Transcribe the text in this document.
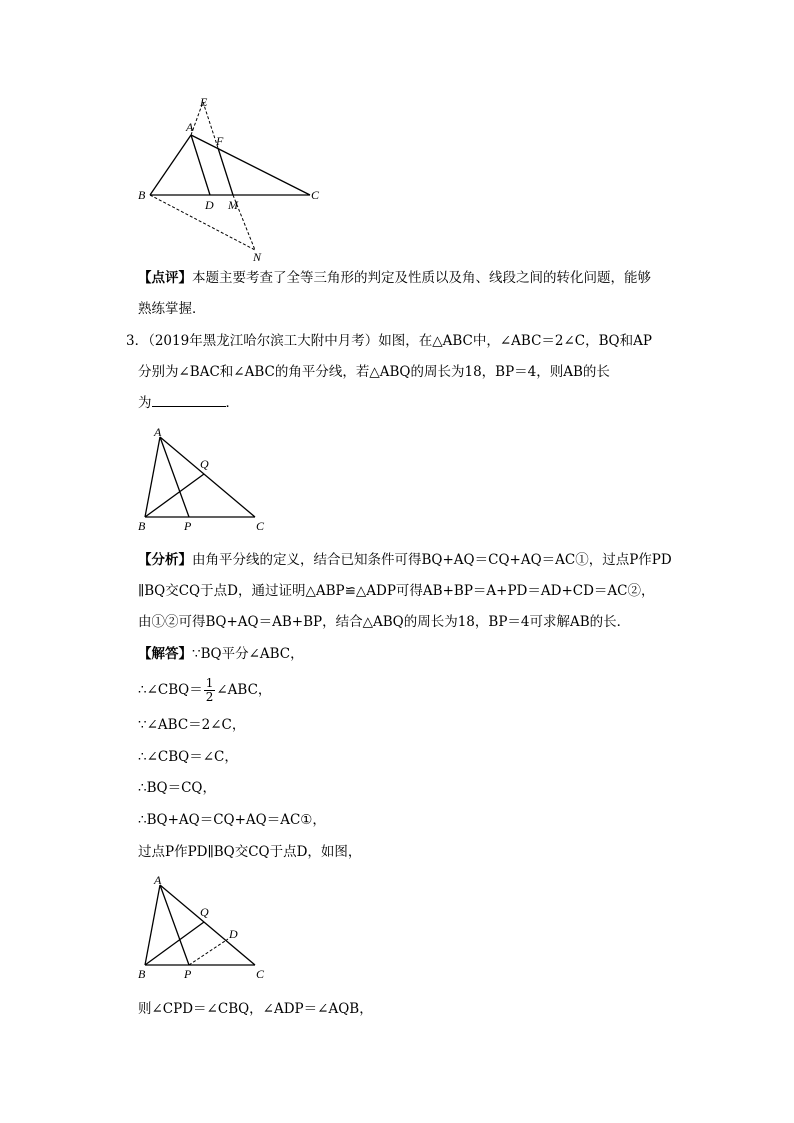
E
A
F
B
D M
C
N
【点评】本题主要考查了全等三角形的判定及性质以及角、线段之间的转化问题，能够
熟练掌握．
3．（2019年黑龙江哈尔滨工大附中月考）如图，在△ABC中，∠ABC＝2∠C，BQ和AP
分别为∠BAC和∠ABC的角平分线，若△ABQ的周长为18，BP＝4，则AB的长
为	．
A
Q
B	P	C
【分析】由角平分线的定义，结合已知条件可得BQ+AQ＝CQ+AQ＝AC①，过点P作PD
∥BQ交CQ于点D，通过证明△ABP≌△ADP可得AB+BP＝A+PD＝AD+CD＝AC②，
由①②可得BQ+AQ＝AB+BP，结合△ABQ的周长为18，BP＝4可求解AB的长．
【解答】∵BQ平分∠ABC，
∴∠CBQ＝ $\frac{1}{2}$ ∠ABC，
∵∠ABC＝2∠C，
∴∠CBQ＝∠C，
∴BQ＝CQ，
∴BQ+AQ＝CQ+AQ＝AC①，
过点P作PD∥BQ交CQ于点D，如图，
A
Q
D
B	P	C
则∠CPD＝∠CBQ，∠ADP＝∠AQB，
